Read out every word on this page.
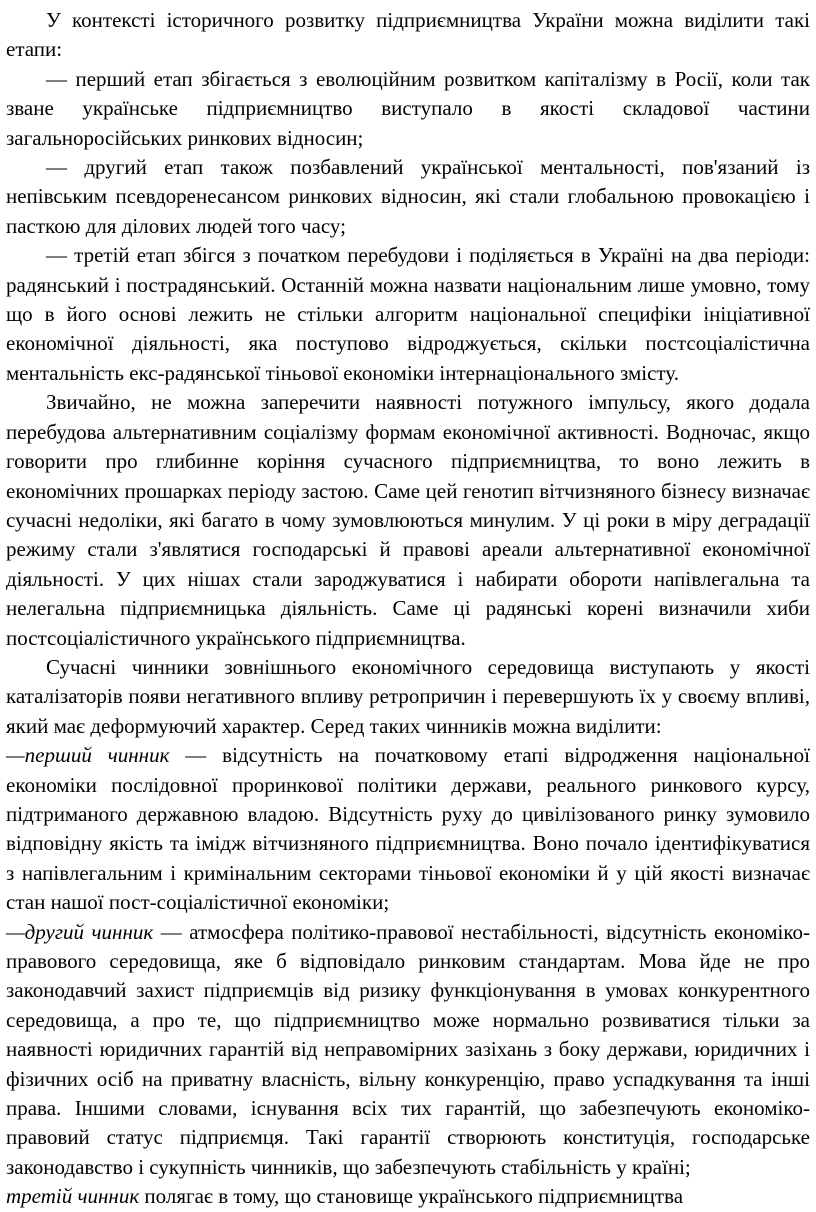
У контексті історичного розвитку підприємництва України можна виділити такі етапи:

— перший етап збігається з еволюційним розвитком капіталізму в Росії, коли так зване українське підприємництво виступало в якості складової частини загальноросійських ринкових відносин;

— другий етап також позбавлений української ментальності, пов'язаний із непівським псевдоренесансом ринкових відносин, які стали глобальною провокацією і пасткою для ділових людей того часу;

— третій етап збігся з початком перебудови і поділяється в Україні на два періоди: радянський і пострадянський. Останній можна назвати національним лише умовно, тому що в його основі лежить не стільки алгоритм національної специфіки ініціативної економічної діяльності, яка поступово відроджується, скільки постсоціалістична ментальність екс-радянської тіньової економіки інтернаціонального змісту.

Звичайно, не можна заперечити наявності потужного імпульсу, якого додала перебудова альтернативним соціалізму формам економічної активності. Водночас, якщо говорити про глибинне коріння сучасного підприємництва, то воно лежить в економічних прошарках періоду застою. Саме цей генотип вітчизняного бізнесу визначає сучасні недоліки, які багато в чому зумовлюються минулим. У ці роки в міру деградації режиму стали з'являтися господарські й правові ареали альтернативної економічної діяльності. У цих нішах стали зароджуватися і набирати обороти напівлегальна та нелегальна підприємницька діяльність. Саме ці радянські корені визначили хиби постсоціалістичного українського підприємництва.

Сучасні чинники зовнішнього економічного середовища виступають у якості каталізаторів появи негативного впливу ретропричин і перевершують їх у своєму впливі, який має деформуючий характер. Серед таких чинників можна виділити:

—перший чинник — відсутність на початковому етапі відродження національної економіки послідовної проринкової політики держави, реального ринкового курсу, підтриманого державною владою. Відсутність руху до цивілізованого ринку зумовило відповідну якість та імідж вітчизняного підприємництва. Воно почало ідентифікуватися з напівлегальним і кримінальним секторами тіньової економіки й у цій якості визначає стан нашої пост-соціалістичної економіки;

—другий чинник — атмосфера політико-правової нестабільності, відсутність економіко-правового середовища, яке б відповідало ринковим стандартам. Мова йде не про законодавчий захист підприємців від ризику функціонування в умовах конкурентного середовища, а про те, що підприємництво може нормально розвиватися тільки за наявності юридичних гарантій від неправомірних зазіхань з боку держави, юридичних і фізичних осіб на приватну власність, вільну конкуренцію, право успадкування та інші права. Іншими словами, існування всіх тих гарантій, що забезпечують економіко-правовий статус підприємця. Такі гарантії створюють конституція, господарське законодавство і сукупність чинників, що забезпечують стабільність у країні;

третій чинник полягає в тому, що становище українського підприємництва
